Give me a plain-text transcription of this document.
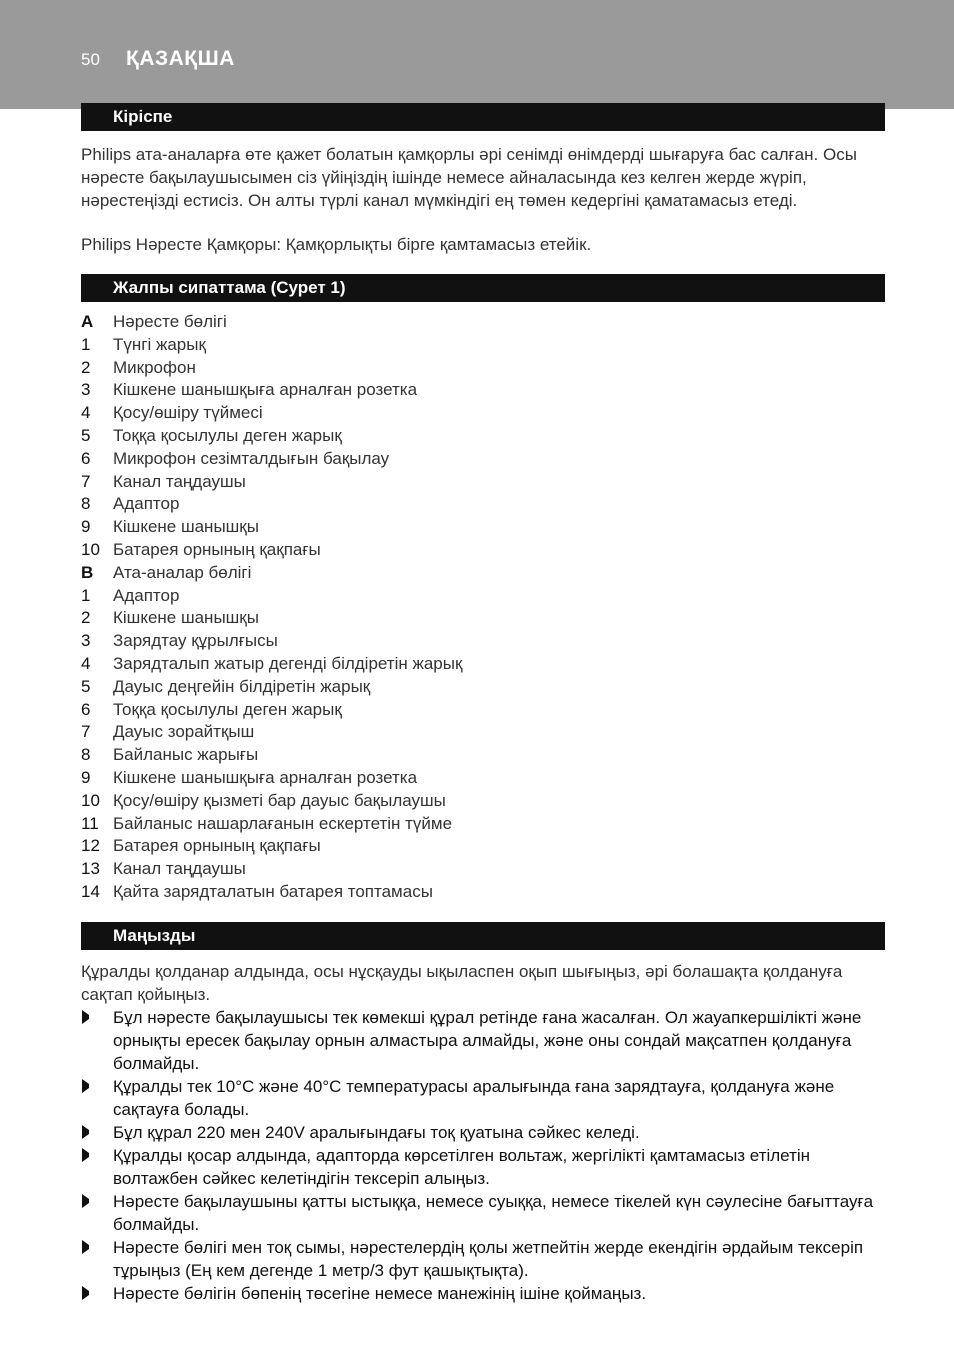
50 ҚАЗАҚША
Кіріспе

Philips ата-аналарға өте қажет болатын қамқорлы әрі сенімді өнімдерді шығаруға бас салған. Осы нәресте бақылаушысымен сіз үйіңіздің ішінде немесе айналасында кез келген жерде жүріп, нәрестеңізді естисіз. Он алты түрлі канал мүмкіндігі ең төмен кедергіні қаматамасыз етеді.

Philips Нәресте Қамқоры: Қамқорлықты бірге қамтамасыз етейік.

Жалпы сипаттама (Сурет 1)
A	Нәресте бөлігі
1	Түнгі жарық
2	Микрофон
3	Кішкене шанышқыға арналған розетка
4	Қосу/өшіру түймесі
5	Тоққа қосылулы деген жарық
6	Микрофон сезімталдығын бақылау
7	Канал таңдаушы
8	Адаптор
9	Кішкене шанышқы
10 Батарея орнының қақпағы
B	Ата-аналар бөлігі
1	Адаптор
2	Кішкене шанышқы
3	Зарядтау құрылғысы
4	Зарядталып жатыр дегенді білдіретін жарық
5	Дауыс деңгейін білдіретін жарық
6	Тоққа қосылулы деген жарық
7	Дауыс зорайтқыш
8	Байланыс жарығы
9	Кішкене шанышқыға арналған розетка
10 Қосу/өшіру қызметі бар дауыс бақылаушы
11 Байланыс нашарлағанын ескертетін түйме
12 Батарея орнының қақпағы
13 Канал таңдаушы
14 Қайта зарядталатын батарея топтамасы
Маңызды

Құралды қолданар алдында, осы нұсқауды ықыласпен оқып шығыңыз, әрі болашақта қолдануға сақтап қойыңыз.

Бұл нәресте бақылаушысы тек көмекші құрал ретінде ғана жасалған. Ол жауапкершілікті және орнықты ересек бақылау орнын алмастыра алмайды, және оны сондай мақсатпен қолдануға болмайды.
Құралды тек 10°C және 40°C температурасы аралығында ғана зарядтауға, қолдануға және сақтауға болады.
Бұл құрал 220 мен 240V аралығындағы тоқ қуатына сәйкес келеді.
Құралды қосар алдында, адапторда көрсетілген вольтаж, жергілікті қамтамасыз етілетін волтажбен сәйкес келетіндігін тексеріп алыңыз.
Нәресте бақылаушыны қатты ыстыққа, немесе суыққа, немесе тікелей күн сәулесіне бағыттауға болмайды.
Нәресте бөлігі мен тоқ сымы, нәрестелердің қолы жетпейтін жерде екендігін әрдайым тексеріп тұрыңыз (Ең кем дегенде 1 метр/3 фут қашықтықта).
Нәресте бөлігін бөпенің төсегіне немесе манежінің ішіне қоймаңыз.
